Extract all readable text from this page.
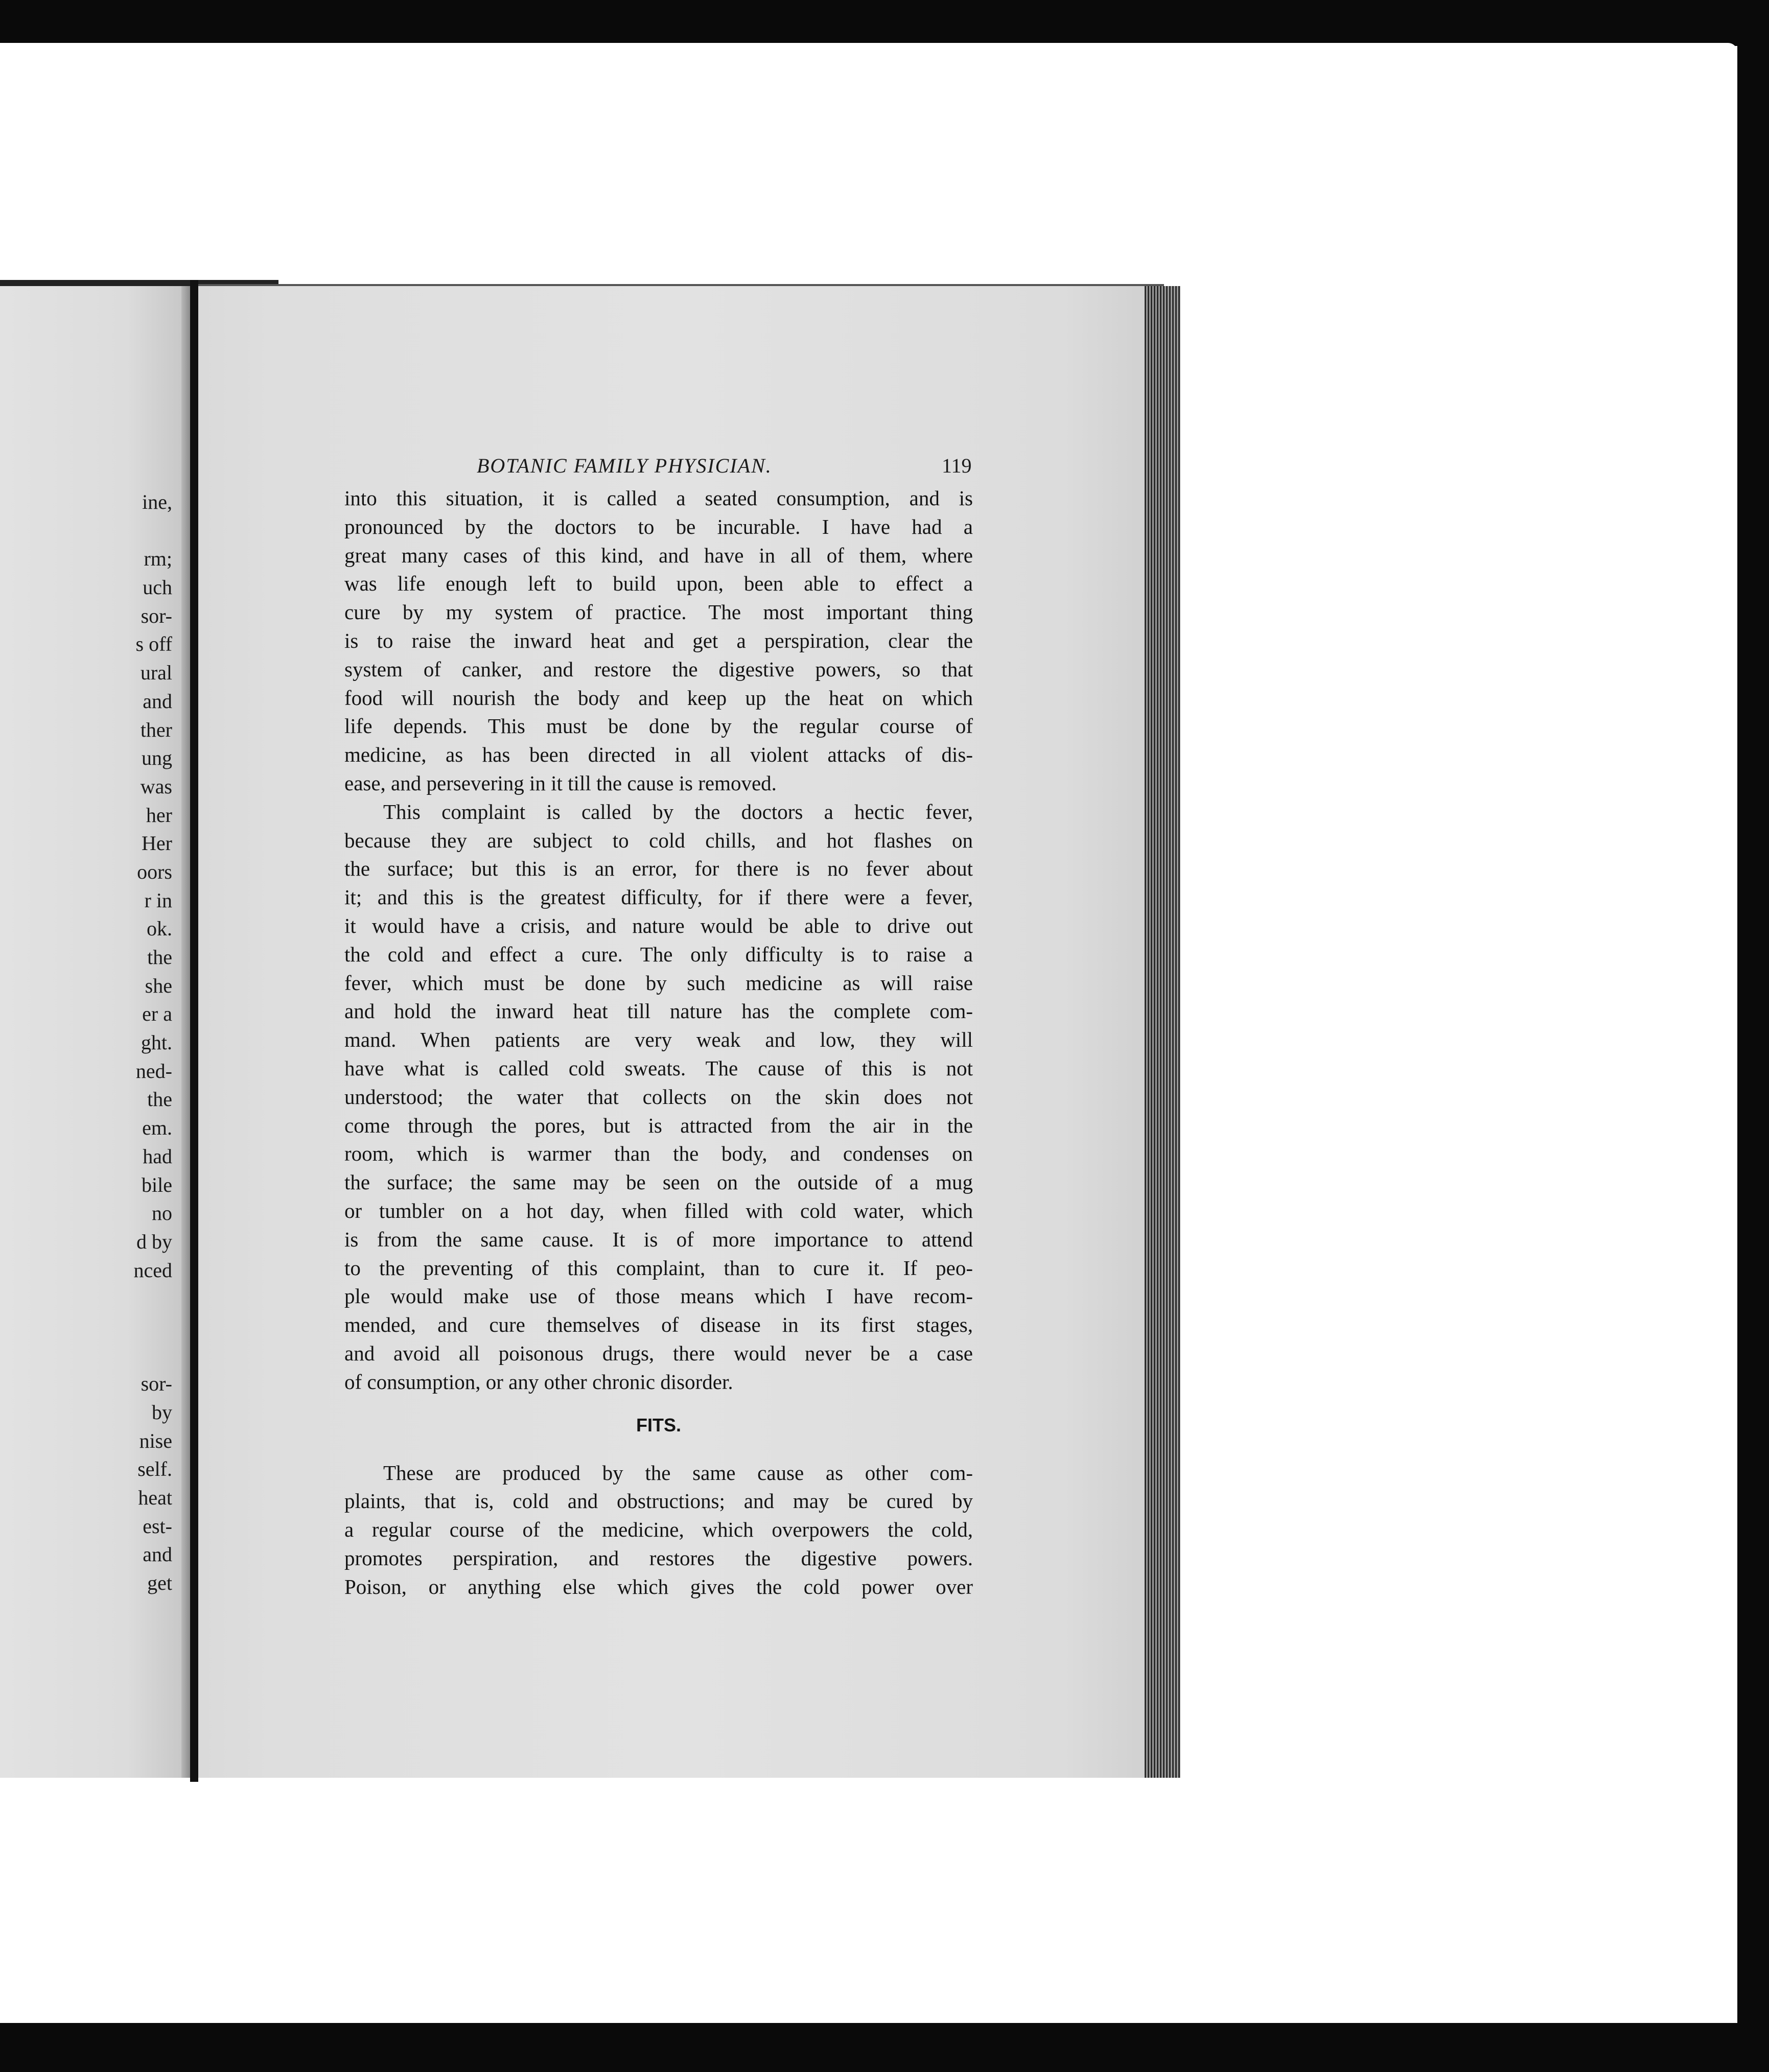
ine,
rm;
uch
sor-
s off
ural
and
ther
ung
was
her
Her
oors
r in
ok.
the
she
er a
ght.
ned-
the
em.
had
bile
no
d by
nced
sor-
by
nise
self.
heat
est-
and
get
BOTANIC FAMILY PHYSICIAN.	119
into this situation, it is called a seated consumption, and is
pronounced by the doctors to be incurable. I have had a
great many cases of this kind, and have in all of them, where
was life enough left to build upon, been able to effect a
cure by my system of practice. The most important thing
is to raise the inward heat and get a perspiration, clear the
system of canker, and restore the digestive powers, so that
food will nourish the body and keep up the heat on which
life depends. This must be done by the regular course of
medicine, as has been directed in all violent attacks of dis-
ease, and persevering in it till the cause is removed.
This complaint is called by the doctors a hectic fever,
because they are subject to cold chills, and hot flashes on
the surface; but this is an error, for there is no fever about
it; and this is the greatest difficulty, for if there were a fever,
it would have a crisis, and nature would be able to drive out
the cold and effect a cure. The only difficulty is to raise a
fever, which must be done by such medicine as will raise
and hold the inward heat till nature has the complete com-
mand. When patients are very weak and low, they will
have what is called cold sweats. The cause of this is not
understood; the water that collects on the skin does not
come through the pores, but is attracted from the air in the
room, which is warmer than the body, and condenses on
the surface; the same may be seen on the outside of a mug
or tumbler on a hot day, when filled with cold water, which
is from the same cause. It is of more importance to attend
to the preventing of this complaint, than to cure it. If peo-
ple would make use of those means which I have recom-
mended, and cure themselves of disease in its first stages,
and avoid all poisonous drugs, there would never be a case
of consumption, or any other chronic disorder.
FITS.
These are produced by the same cause as other com-
plaints, that is, cold and obstructions; and may be cured by
a regular course of the medicine, which overpowers the cold,
promotes perspiration, and restores the digestive powers.
Poison, or anything else which gives the cold power over
